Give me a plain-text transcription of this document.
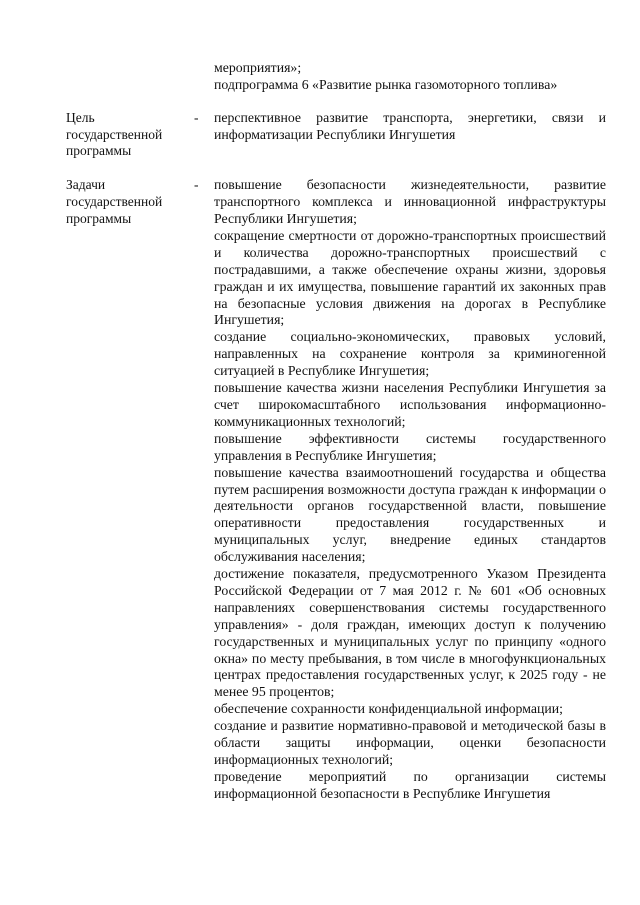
мероприятия»;

подпрограмма 6 «Развитие рынка газомоторного топлива»

Цель государственной программы
-	перспективное развитие транспорта, энергетики, связи и информатизации Республики Ингушетия

Задачи государственной программы
-	повышение безопасности жизнедеятельности, развитие транспортного комплекса и инновационной инфраструктуры Республики Ингушетия;

сокращение смертности от дорожно-транспортных происшествий и количества дорожно-транспортных происшествий с пострадавшими, а также обеспечение охраны жизни, здоровья граждан и их имущества, повышение гарантий их законных прав на безопасные условия движения на дорогах в Республике Ингушетия;

создание социально-экономических, правовых условий, направленных на сохранение контроля за криминогенной ситуацией в Республике Ингушетия;

повышение качества жизни населения Республики Ингушетия за счет широкомасштабного использования информационно-коммуникационных технологий;

повышение эффективности системы государственного управления в Республике Ингушетия;

повышение качества взаимоотношений государства и общества путем расширения возможности доступа граждан к информации о деятельности органов государственной власти, повышение оперативности предоставления государственных и муниципальных услуг, внедрение единых стандартов обслуживания населения;

достижение показателя, предусмотренного Указом Президента Российской Федерации от 7 мая 2012 г. № 601 «Об основных направлениях совершенствования системы государственного управления» - доля граждан, имеющих доступ к получению государственных и муниципальных услуг по принципу «одного окна» по месту пребывания, в том числе в многофункциональных центрах предоставления государственных услуг, к 2025 году - не менее 95 процентов;

обеспечение сохранности конфиденциальной информации;

создание и развитие нормативно-правовой и методической базы в области защиты информации, оценки безопасности информационных технологий;

проведение мероприятий по организации системы информационной безопасности в Республике Ингушетия
